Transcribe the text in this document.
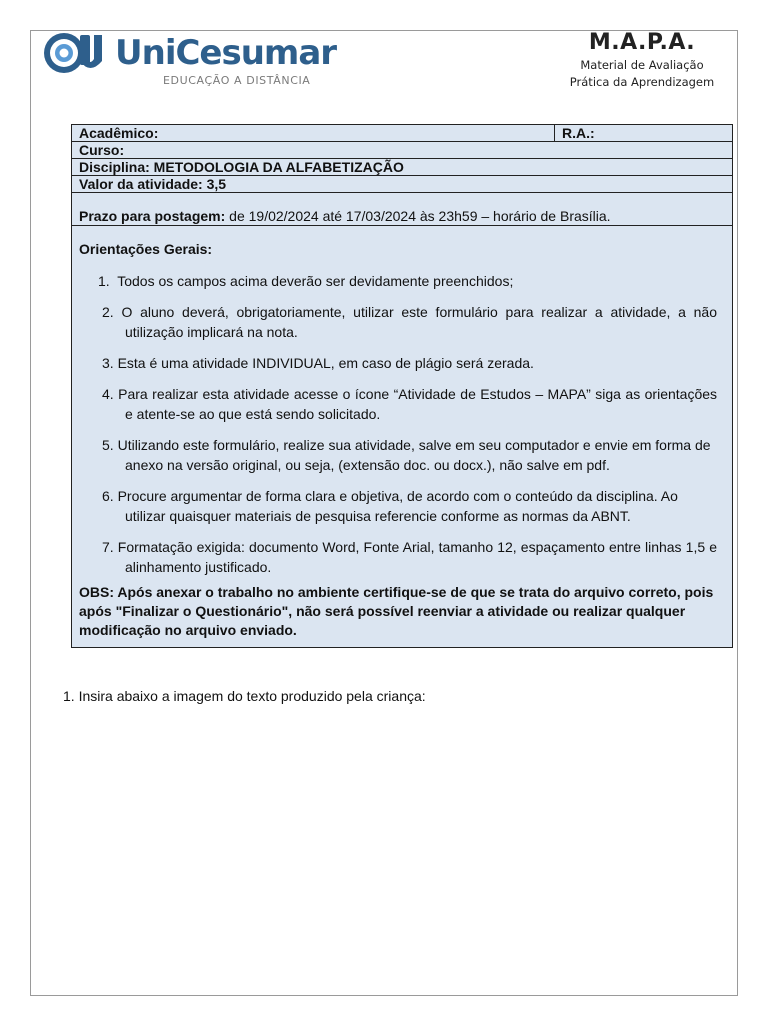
UniCesumar
EDUCAÇÃO A DISTÂNCIA
M.A.P.A.
Material de Avaliação
Prática da Aprendizagem
Acadêmico:	R.A.:
Curso:
Disciplina: METODOLOGIA DA ALFABETIZAÇÃO
Valor da atividade: 3,5
Prazo para postagem: de 19/02/2024 até 17/03/2024 às 23h59 – horário de Brasília.
Orientações Gerais:
1. Todos os campos acima deverão ser devidamente preenchidos;
2. O aluno deverá, obrigatoriamente, utilizar este formulário para realizar a atividade, a não utilização implicará na nota.
3. Esta é uma atividade INDIVIDUAL, em caso de plágio será zerada.
4. Para realizar esta atividade acesse o ícone “Atividade de Estudos – MAPA” siga as orientações e atente-se ao que está sendo solicitado.
5. Utilizando este formulário, realize sua atividade, salve em seu computador e envie em forma de anexo na versão original, ou seja, (extensão doc. ou docx.), não salve em pdf.
6. Procure argumentar de forma clara e objetiva, de acordo com o conteúdo da disciplina. Ao utilizar quaisquer materiais de pesquisa referencie conforme as normas da ABNT.
7. Formatação exigida: documento Word, Fonte Arial, tamanho 12, espaçamento entre linhas 1,5 e alinhamento justificado.
OBS: Após anexar o trabalho no ambiente certifique-se de que se trata do arquivo correto, pois após "Finalizar o Questionário", não será possível reenviar a atividade ou realizar qualquer modificação no arquivo enviado.
1. Insira abaixo a imagem do texto produzido pela criança:
